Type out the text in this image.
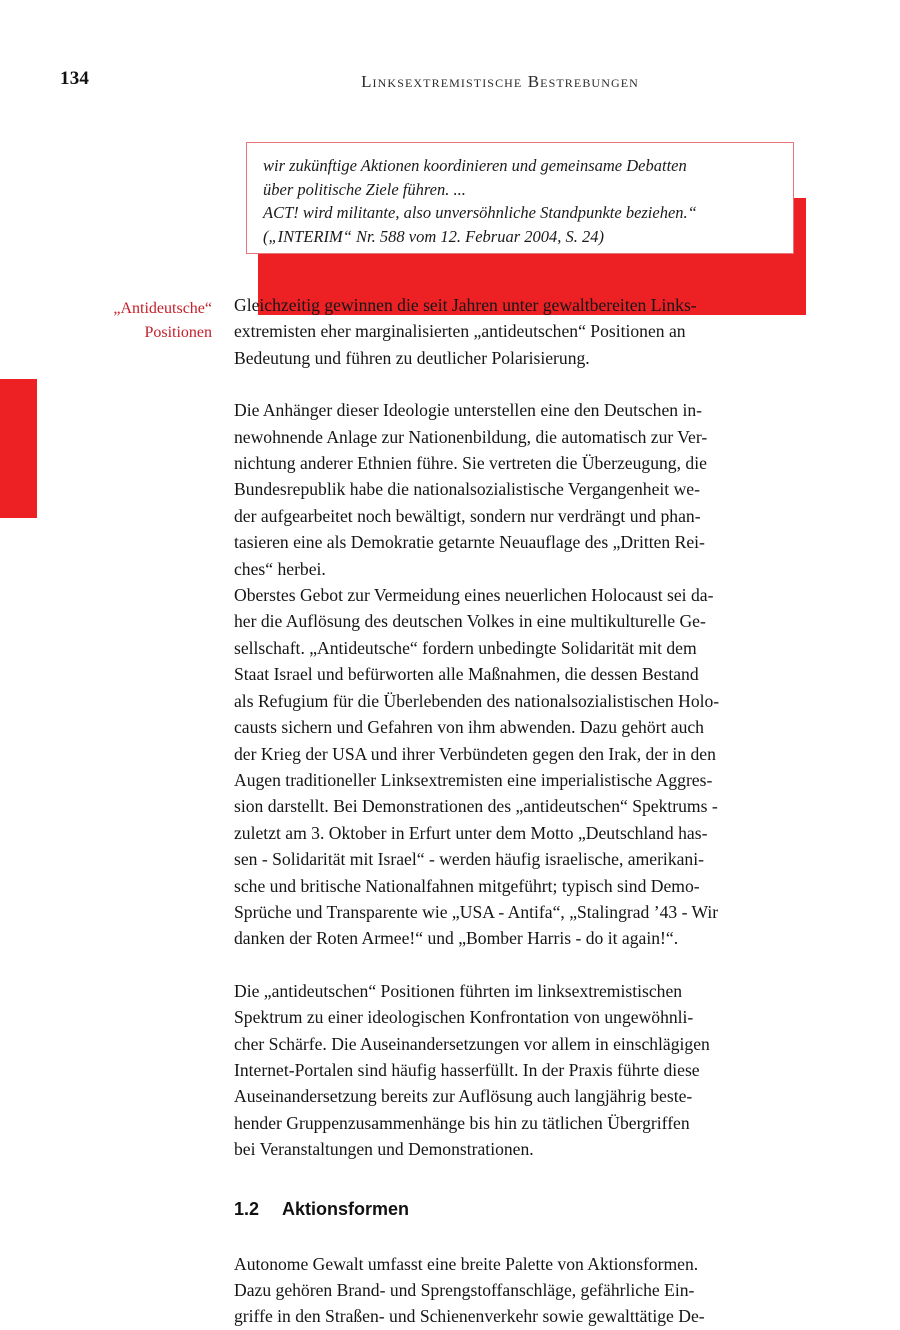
134	Linksextremistische Bestrebungen
wir zukünftige Aktionen koordinieren und gemeinsame Debatten
über politische Ziele führen. ...
ACT! wird militante, also unversöhnliche Standpunkte beziehen.“
(„INTERIM“ Nr. 588 vom 12. Februar 2004, S. 24)
„Antideutsche“
Positionen

Gleichzeitig gewinnen die seit Jahren unter gewaltbereiten Links-
extremisten eher marginalisierten „antideutschen“ Positionen an
Bedeutung und führen zu deutlicher Polarisierung.

Die Anhänger dieser Ideologie unterstellen eine den Deutschen in-
newohnende Anlage zur Nationenbildung, die automatisch zur Ver-
nichtung anderer Ethnien führe. Sie vertreten die Überzeugung, die
Bundesrepublik habe die nationalsozialistische Vergangenheit we-
der aufgearbeitet noch bewältigt, sondern nur verdrängt und phan-
tasieren eine als Demokratie getarnte Neuauflage des „Dritten Rei-
ches“ herbei.

Oberstes Gebot zur Vermeidung eines neuerlichen Holocaust sei da-
her die Auflösung des deutschen Volkes in eine multikulturelle Ge-
sellschaft. „Antideutsche“ fordern unbedingte Solidarität mit dem
Staat Israel und befürworten alle Maßnahmen, die dessen Bestand
als Refugium für die Überlebenden des nationalsozialistischen Holo-
causts sichern und Gefahren von ihm abwenden. Dazu gehört auch
der Krieg der USA und ihrer Verbündeten gegen den Irak, der in den
Augen traditioneller Linksextremisten eine imperialistische Aggres-
sion darstellt. Bei Demonstrationen des „antideutschen“ Spektrums -
zuletzt am 3. Oktober in Erfurt unter dem Motto „Deutschland has-
sen - Solidarität mit Israel“ - werden häufig israelische, amerikani-
sche und britische Nationalfahnen mitgeführt; typisch sind Demo-
Sprüche und Transparente wie „USA - Antifa“, „Stalingrad ’43 - Wir
danken der Roten Armee!“ und „Bomber Harris - do it again!“.

Die „antideutschen“ Positionen führten im linksextremistischen
Spektrum zu einer ideologischen Konfrontation von ungewöhnli-
cher Schärfe. Die Auseinandersetzungen vor allem in einschlägigen
Internet-Portalen sind häufig hasserfüllt. In der Praxis führte diese
Auseinandersetzung bereits zur Auflösung auch langjährig beste-
hender Gruppenzusammenhänge bis hin zu tätlichen Übergriffen
bei Veranstaltungen und Demonstrationen.

1.2 Aktionsformen

Autonome Gewalt umfasst eine breite Palette von Aktionsformen.
Dazu gehören Brand- und Sprengstoffanschläge, gefährliche Ein-
griffe in den Straßen- und Schienenverkehr sowie gewalttätige De-
